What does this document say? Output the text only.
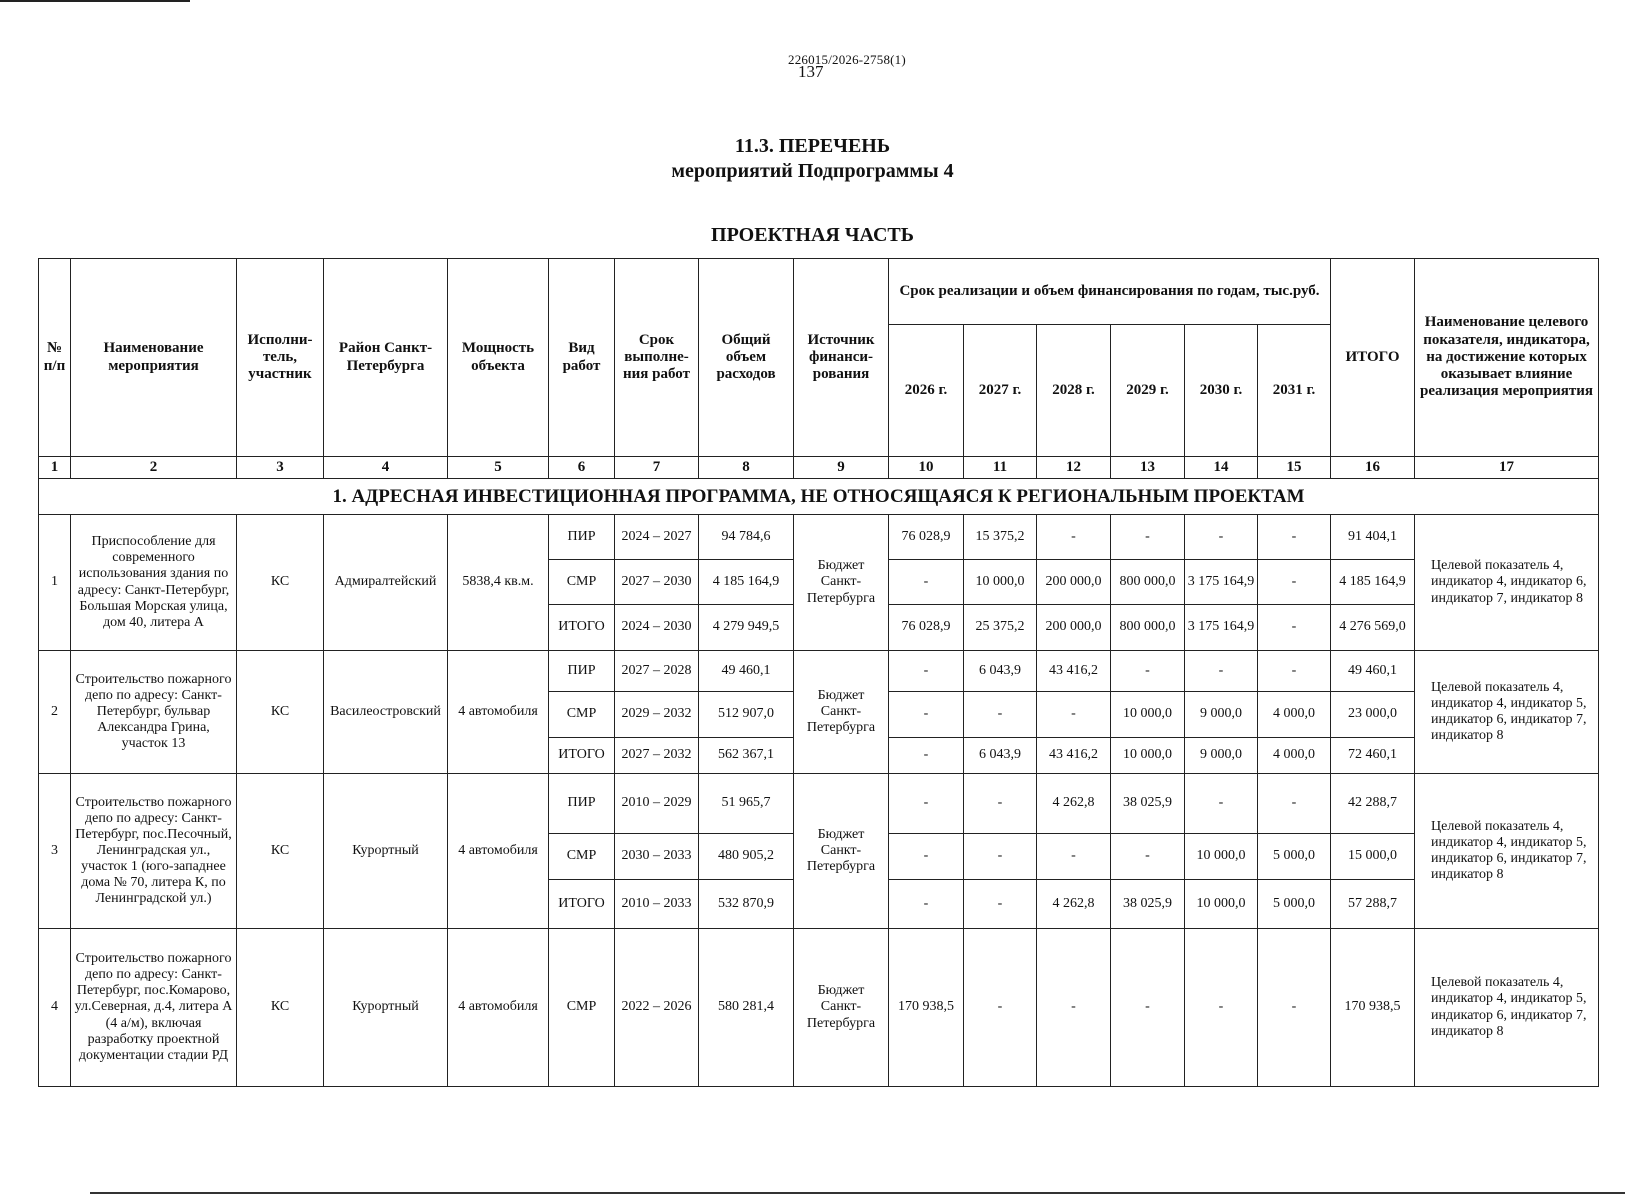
226015/2026-2758(1)
137
11.3. ПЕРЕЧЕНЬ
мероприятий Подпрограммы 4
ПРОЕКТНАЯ ЧАСТЬ
№ п/п	Наименование мероприятия	Исполни-тель, участник	Район Санкт-Петербурга	Мощность объекта	Вид работ	Срок выполне-ния работ	Общий объем расходов	Источник финанси-рования	Срок реализации и объем финансирования по годам, тыс.руб.						ИТОГО	Наименование целевого показателя, индикатора, на достижение которых оказывает влияние реализация мероприятия
									2026 г.	2027 г.	2028 г.	2029 г.	2030 г.	2031 г.		
1	2	3	4	5	6	7	8	9	10	11	12	13	14	15	16	17
1. АДРЕСНАЯ ИНВЕСТИЦИОННАЯ ПРОГРАММА, НЕ ОТНОСЯЩАЯСЯ К РЕГИОНАЛЬНЫМ ПРОЕКТАМ																
1	Приспособление для современного использования здания по адресу: Санкт-Петербург, Большая Морская улица, дом 40, литера А	КС	Адмиралтейский	5838,4 кв.м.	ПИР	2024 – 2027	94 784,6	Бюджет Санкт-Петербурга	76 028,9	15 375,2	-	-	-	-	91 404,1	Целевой показатель 4, индикатор 4, индикатор 6, индикатор 7, индикатор 8
					СМР	2027 – 2030	4 185 164,9		-	10 000,0	200 000,0	800 000,0	3 175 164,9	-	4 185 164,9	
					ИТОГО	2024 – 2030	4 279 949,5		76 028,9	25 375,2	200 000,0	800 000,0	3 175 164,9	-	4 276 569,0	
2	Строительство пожарного депо по адресу: Санкт-Петербург, бульвар Александра Грина, участок 13	КС	Василеостровский	4 автомобиля	ПИР	2027 – 2028	49 460,1	Бюджет Санкт-Петербурга	-	6 043,9	43 416,2	-	-	-	49 460,1	Целевой показатель 4, индикатор 4, индикатор 5, индикатор 6, индикатор 7, индикатор 8
					СМР	2029 – 2032	512 907,0		-	-	-	10 000,0	9 000,0	4 000,0	23 000,0	
					ИТОГО	2027 – 2032	562 367,1		-	6 043,9	43 416,2	10 000,0	9 000,0	4 000,0	72 460,1	
3	Строительство пожарного депо по адресу: Санкт-Петербург, пос.Песочный, Ленинградская ул., участок 1 (юго-западнее дома № 70, литера К, по Ленинградской ул.)	КС	Курортный	4 автомобиля	ПИР	2010 – 2029	51 965,7	Бюджет Санкт-Петербурга	-	-	4 262,8	38 025,9	-	-	42 288,7	Целевой показатель 4, индикатор 4, индикатор 5, индикатор 6, индикатор 7, индикатор 8
					СМР	2030 – 2033	480 905,2		-	-	-	-	10 000,0	5 000,0	15 000,0	
					ИТОГО	2010 – 2033	532 870,9		-	-	4 262,8	38 025,9	10 000,0	5 000,0	57 288,7	
4	Строительство пожарного депо по адресу: Санкт-Петербург, пос.Комарово, ул.Северная, д.4, литера А (4 а/м), включая разработку проектной документации стадии РД	КС	Курортный	4 автомобиля	СМР	2022 – 2026	580 281,4	Бюджет Санкт-Петербурга	170 938,5	-	-	-	-	-	170 938,5	Целевой показатель 4, индикатор 4, индикатор 5, индикатор 6, индикатор 7, индикатор 8
